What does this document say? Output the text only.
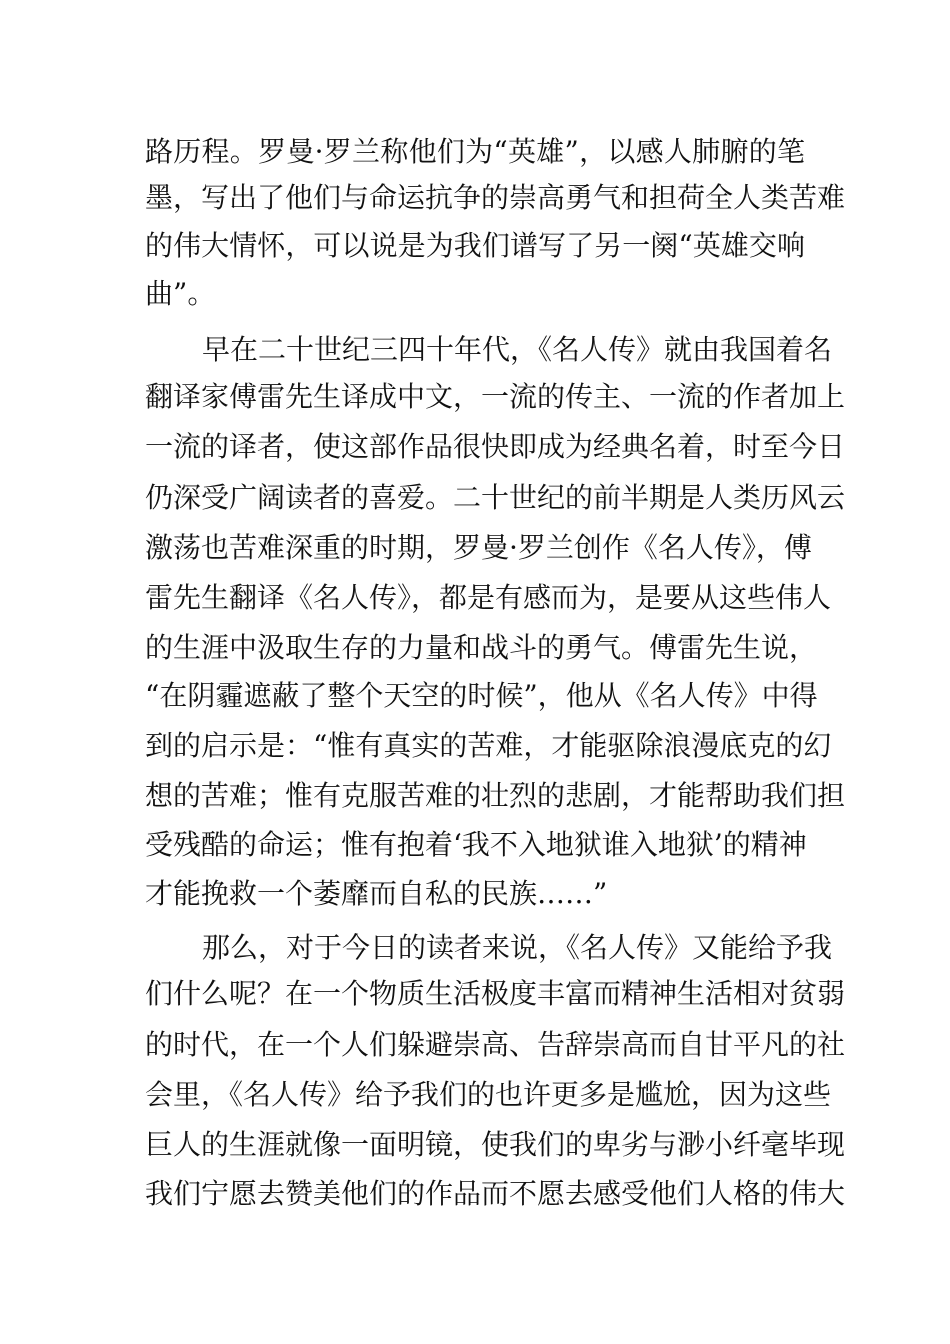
路历程。罗曼·罗兰称他们为“英雄”，以感人肺腑的笔
墨，写出了他们与命运抗争的崇高勇气和担荷全人类苦难
的伟大情怀，可以说是为我们谱写了另一阕“英雄交响
曲”。
早在二十世纪三四十年代，《名人传》就由我国着名
翻译家傅雷先生译成中文，一流的传主、一流的作者加上
一流的译者，使这部作品很快即成为经典名着，时至今日
仍深受广阔读者的喜爱。二十世纪的前半期是人类历风云
激荡也苦难深重的时期，罗曼·罗兰创作《名人传》，傅
雷先生翻译《名人传》，都是有感而为，是要从这些伟人
的生涯中汲取生存的力量和战斗的勇气。傅雷先生说，
“在阴霾遮蔽了整个天空的时候”，他从《名人传》中得
到的启示是：“惟有真实的苦难，才能驱除浪漫底克的幻
想的苦难；惟有克服苦难的壮烈的悲剧，才能帮助我们担
受残酷的命运；惟有抱着‘我不入地狱谁入地狱’的精神
才能挽救一个萎靡而自私的民族……”
那么，对于今日的读者来说，《名人传》又能给予我
们什么呢？在一个物质生活极度丰富而精神生活相对贫弱
的时代，在一个人们躲避崇高、告辞崇高而自甘平凡的社
会里，《名人传》给予我们的也许更多是尴尬，因为这些
巨人的生涯就像一面明镜，使我们的卑劣与渺小纤毫毕现
我们宁愿去赞美他们的作品而不愿去感受他们人格的伟大
